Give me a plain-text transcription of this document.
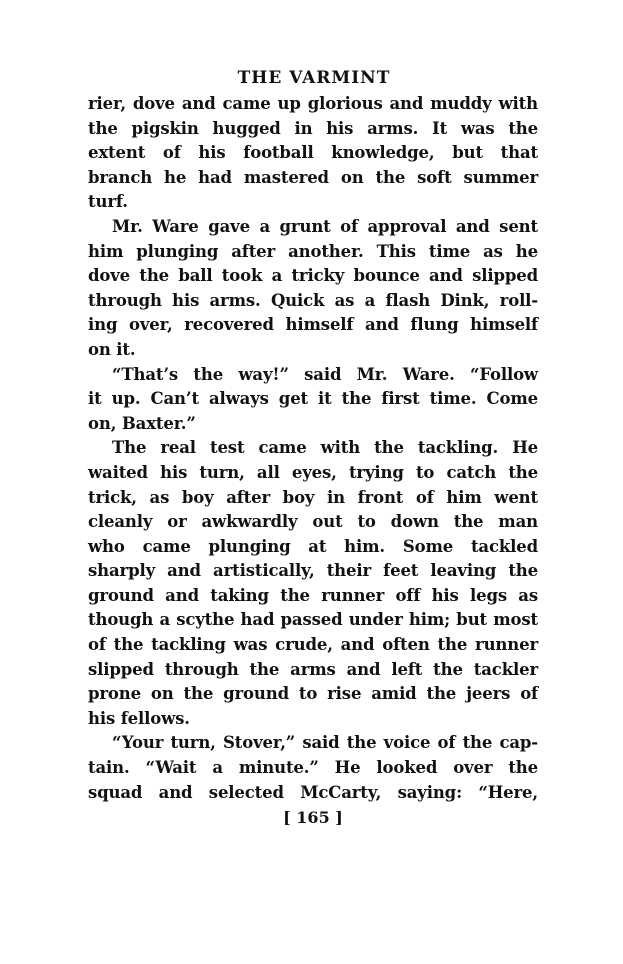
THE VARMINT
rier, dove and came up glorious and muddy with
the pigskin hugged in his arms. It was the
extent of his football knowledge, but that
branch he had mastered on the soft summer
turf.
Mr. Ware gave a grunt of approval and sent
him plunging after another. This time as he
dove the ball took a tricky bounce and slipped
through his arms. Quick as a flash Dink, roll-
ing over, recovered himself and flung himself
on it.
“That’s the way!” said Mr. Ware. “Follow
it up. Can’t always get it the first time. Come
on, Baxter.”
The real test came with the tackling. He
waited his turn, all eyes, trying to catch the
trick, as boy after boy in front of him went
cleanly or awkwardly out to down the man
who came plunging at him. Some tackled
sharply and artistically, their feet leaving the
ground and taking the runner off his legs as
though a scythe had passed under him; but most
of the tackling was crude, and often the runner
slipped through the arms and left the tackler
prone on the ground to rise amid the jeers of
his fellows.
“Your turn, Stover,” said the voice of the cap-
tain. “Wait a minute.” He looked over the
squad and selected McCarty, saying: “Here,
[ 165 ]
